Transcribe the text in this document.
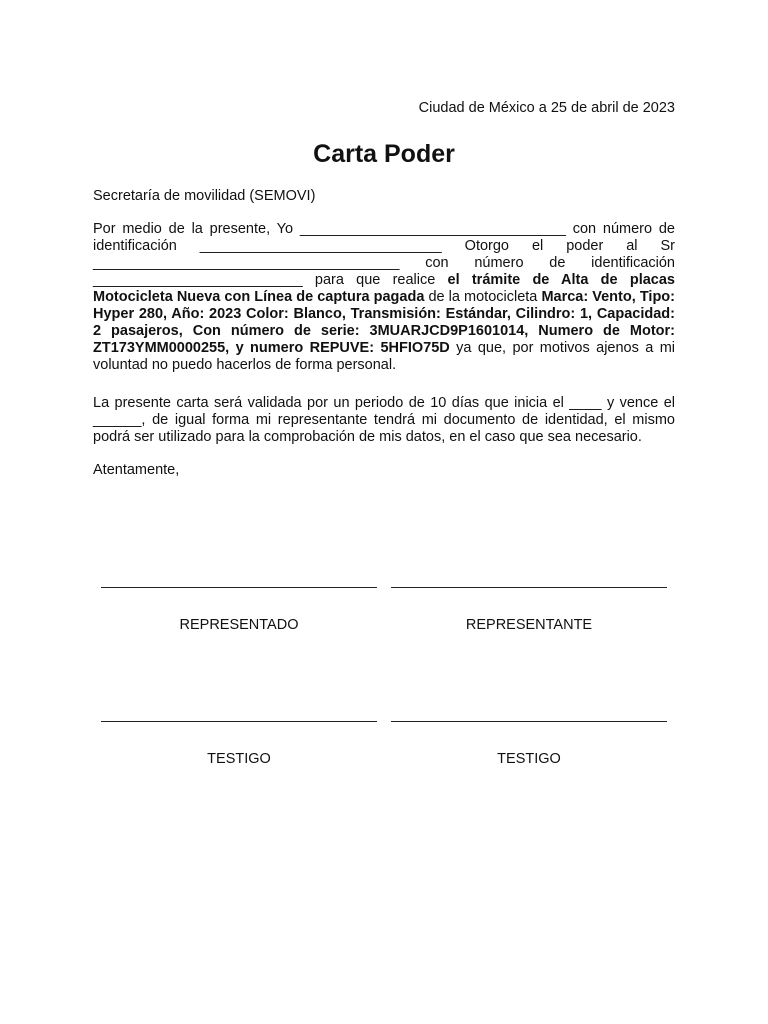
Ciudad de México a 25 de abril de 2023
Carta Poder
Secretaría de movilidad (SEMOVI)
Por medio de la presente, Yo _________________________________ con número de identificación ______________________________ Otorgo el poder al Sr ______________________________________ con número de identificación __________________________ para que realice el trámite de Alta de placas Motocicleta Nueva con Línea de captura pagada de la motocicleta Marca: Vento, Tipo: Hyper 280, Año: 2023 Color: Blanco, Transmisión: Estándar, Cilindro: 1, Capacidad: 2 pasajeros, Con número de serie: 3MUARJCD9P1601014, Numero de Motor: ZT173YMM0000255, y numero REPUVE: 5HFIO75D ya que, por motivos ajenos a mi voluntad no puedo hacerlos de forma personal.
La presente carta será validada por un periodo de 10 días que inicia el ____ y vence el ______, de igual forma mi representante tendrá mi documento de identidad, el mismo podrá ser utilizado para la comprobación de mis datos, en el caso que sea necesario.
Atentamente,
REPRESENTADO	REPRESENTANTE
TESTIGO	TESTIGO
